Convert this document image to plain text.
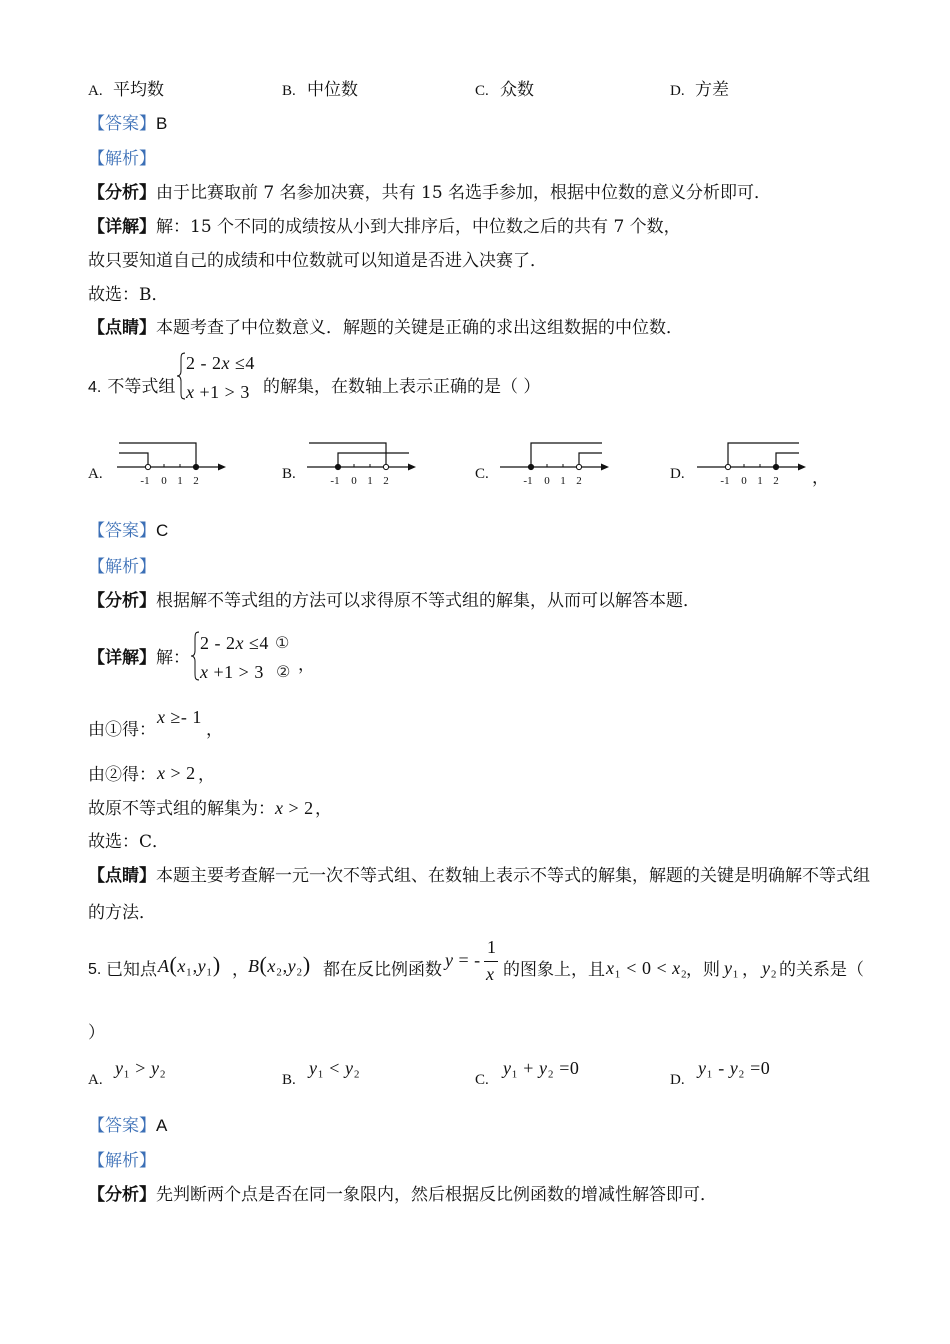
A. 平均数	B. 中位数	C. 众数	D. 方差
【答案】B
【解析】
【分析】由于比赛取前 7 名参加决赛，共有 15 名选手参加，根据中位数的意义分析即可．
【详解】解：15 个不同的成绩按从小到大排序后，中位数之后的共有 7 个数，
故只要知道自己的成绩和中位数就可以知道是否进入决赛了．
故选：B．
【点睛】本题考查了中位数意义．解题的关键是正确的求出这组数据的中位数．
4. 不等式组
2 - 2x ≤4
x +1 > 3 的解集，在数轴上表示正确的是（ ）
A.	-1 0 1 2	B.	-1 0 1 2	C.	-1 0 1 2	D.	-1 0 1 2 ，
【答案】C
【解析】
【分析】根据解不等式组的方法可以求得原不等式组的解集，从而可以解答本题．
【详解】解：
2 - 2x ≤4 ①
x +1 > 3 ② ，
由①得：
x ≥- 1
，
由②得： x > 2 ，
故原不等式组的解集为： x > 2 ，
故选：C．
【点睛】本题主要考查解一元一次不等式组、在数轴上表示不等式的解集，解题的关键是明确解不等式组
的方法．
5. 已知点 A(x₁,y₁) ， B(x₂,y₂) 都在反比例函数 y = -
1
x 的图象上，且 x₁ < 0 < x₂
，则 y₁ ， y₂ 的关系是（
）
A.
y₁ > y₂
B.
y₁ < y₂
C.
y₁ + y₂ =0
D.
y₁ - y₂ =0
【答案】A
【解析】
【分析】先判断两个点是否在同一象限内，然后根据反比例函数的增减性解答即可．
